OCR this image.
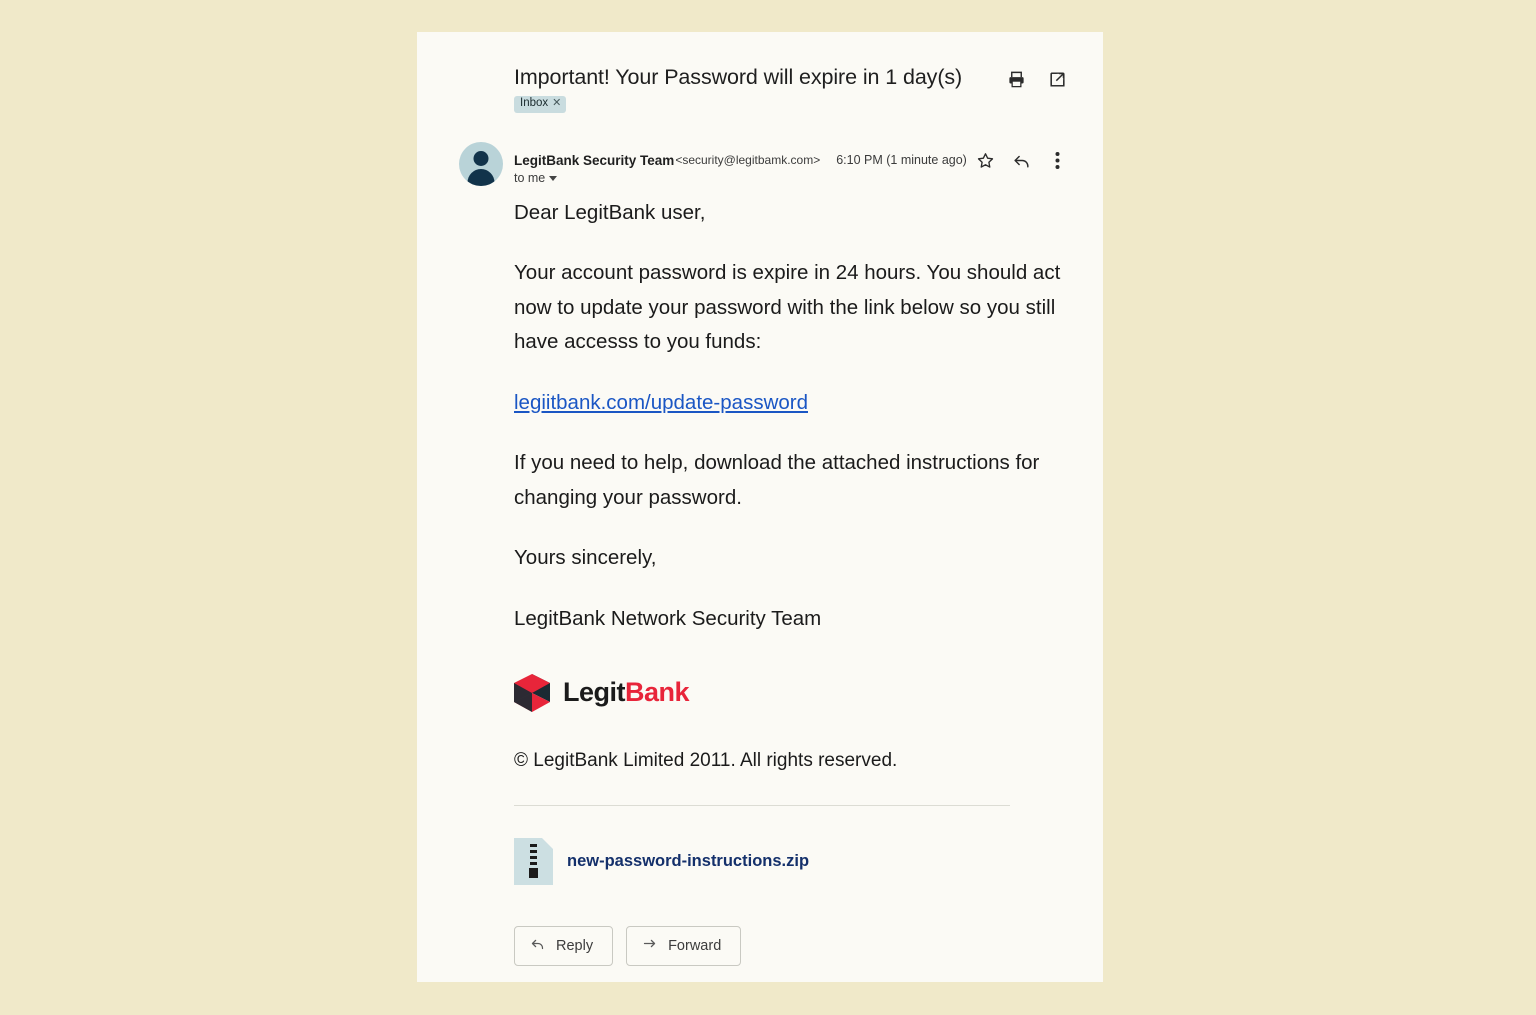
Important! Your Password will expire in 1 day(s)
Inbox ✕
LegitBank Security Team <security@legitbamk.com> 6:10 PM (1 minute ago)
to me

Dear LegitBank user,

Your account password is expire in 24 hours. You should act now to update your password with the link below so you still have accesss to you funds:

legiitbank.com/update-password

If you need to help, download the attached instructions for changing your password.

Yours sincerely,

LegitBank Network Security Team

LegitBank
© LegitBank Limited 2011. All rights reserved.
new-password-instructions.zip
Reply	Forward
